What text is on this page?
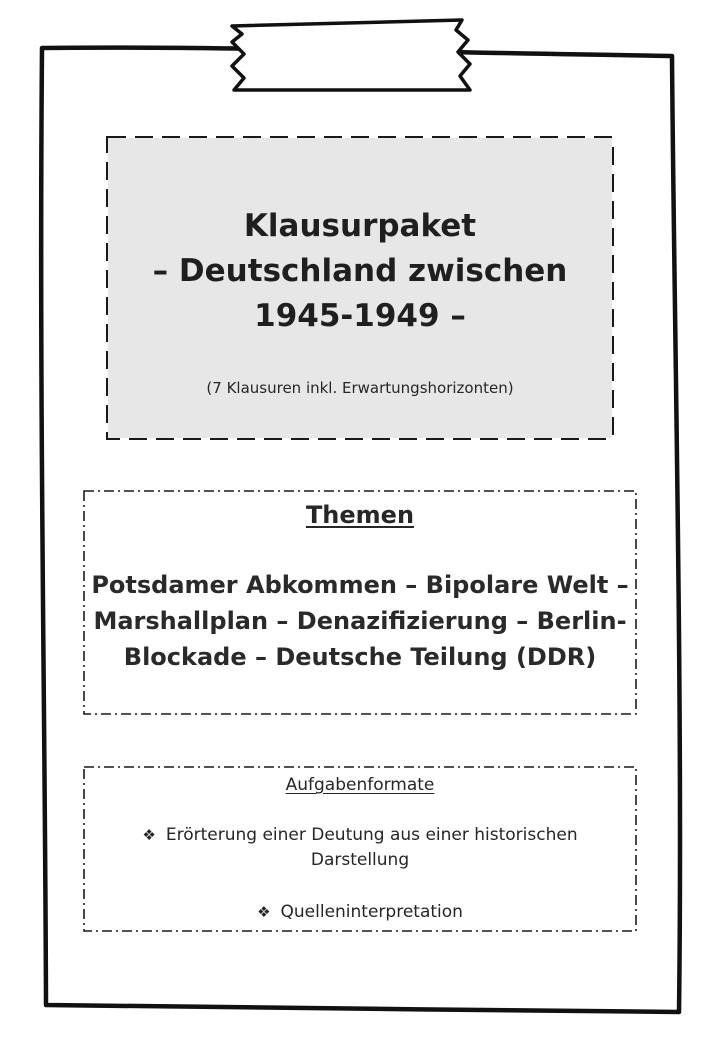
Klausurpaket
– Deutschland zwischen
1945-1949 –
(7 Klausuren inkl. Erwartungshorizonten)
Themen
Potsdamer Abkommen – Bipolare Welt – Marshallplan – Denazifizierung – Berlin-Blockade – Deutsche Teilung (DDR)
Aufgabenformate
❖ Erörterung einer Deutung aus einer historischen Darstellung
❖ Quelleninterpretation
